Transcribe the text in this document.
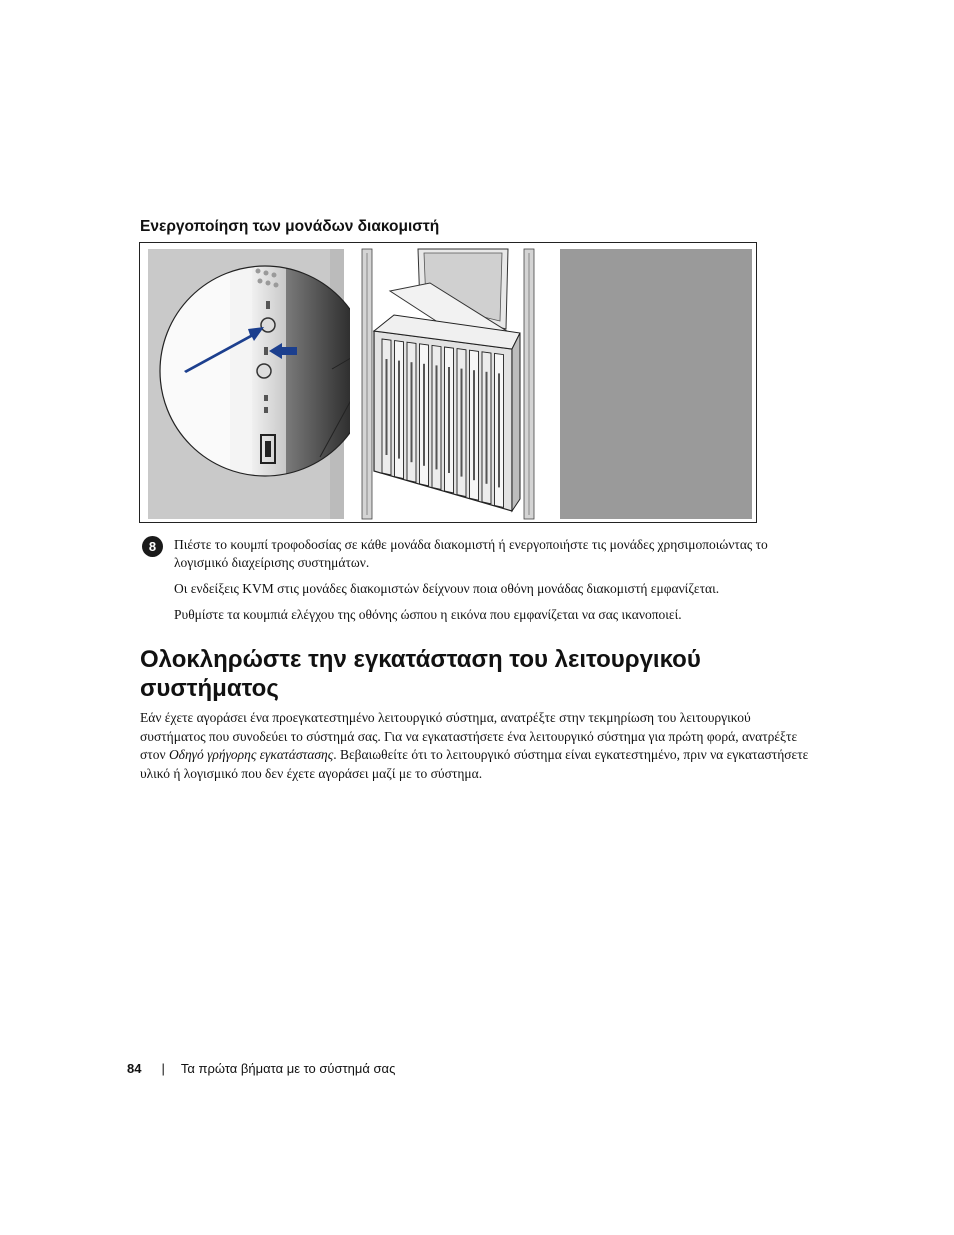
Ενεργοποίηση των μονάδων διακομιστή
8	Πιέστε το κουμπί τροφοδοσίας σε κάθε μονάδα διακομιστή ή ενεργοποιήστε τις μονάδες χρησιμοποιώντας το λογισμικό διαχείρισης συστημάτων.

Οι ενδείξεις KVM στις μονάδες διακομιστών δείχνουν ποια οθόνη μονάδας διακομιστή εμφανίζεται.

Ρυθμίστε τα κουμπιά ελέγχου της οθόνης ώσπου η εικόνα που εμφανίζεται να σας ικανοποιεί.

Ολοκληρώστε την εγκατάσταση του λειτουργικού συστήματος

Εάν έχετε αγοράσει ένα προεγκατεστημένο λειτουργικό σύστημα, ανατρέξτε στην τεκμηρίωση του λειτουργικού συστήματος που συνοδεύει το σύστημά σας. Για να εγκαταστήσετε ένα λειτουργικό σύστημα για πρώτη φορά, ανατρέξτε στον Οδηγό γρήγορης εγκατάστασης. Βεβαιωθείτε ότι το λειτουργικό σύστημα είναι εγκατεστημένο, πριν να εγκαταστήσετε υλικό ή λογισμικό που δεν έχετε αγοράσει μαζί με το σύστημα.

84 | Τα πρώτα βήματα με το σύστημά σας
